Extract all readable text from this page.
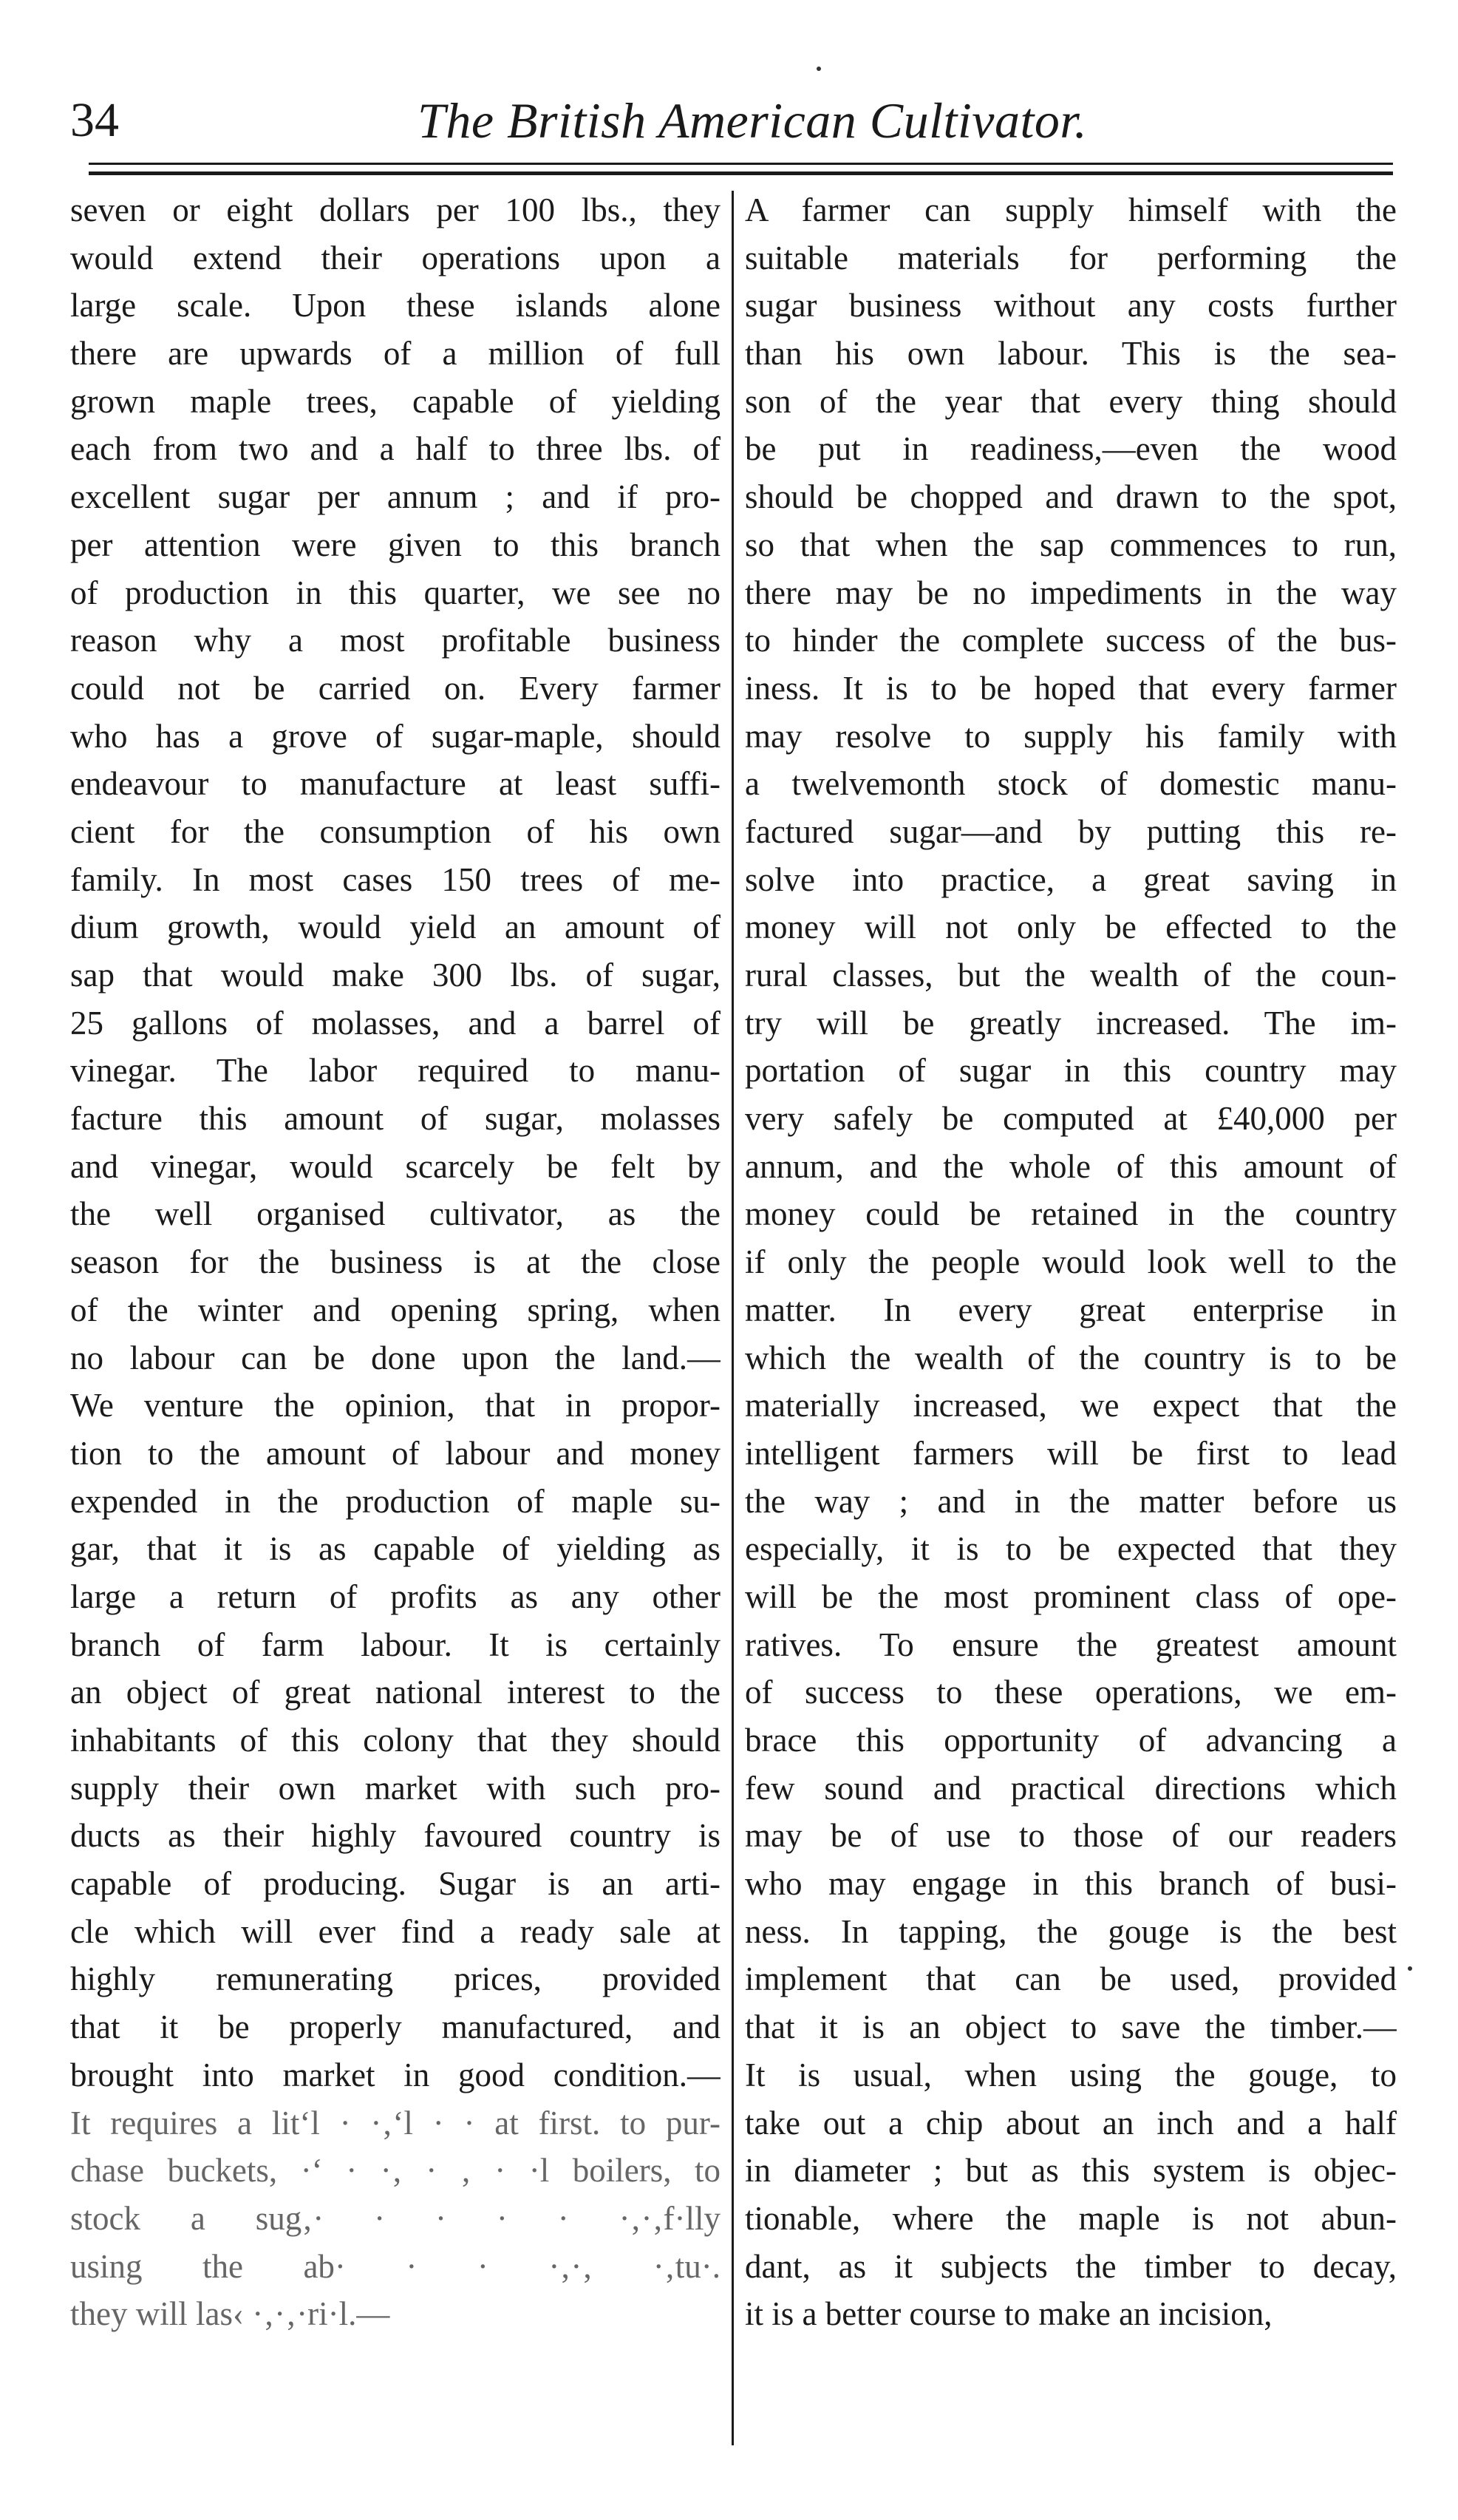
34	The British American Cultivator.
seven or eight dollars per 100 lbs., they
would extend their operations upon a
large scale. Upon these islands alone
there are upwards of a million of full
grown maple trees, capable of yielding
each from two and a half to three lbs. of
excellent sugar per annum ; and if pro-
per attention were given to this branch
of production in this quarter, we see no
reason why a most profitable business
could not be carried on. Every farmer
who has a grove of sugar-maple, should
endeavour to manufacture at least suffi-
cient for the consumption of his own
family. In most cases 150 trees of me-
dium growth, would yield an amount of
sap that would make 300 lbs. of sugar,
25 gallons of molasses, and a barrel of
vinegar. The labor required to manu-
facture this amount of sugar, molasses
and vinegar, would scarcely be felt by
the well organised cultivator, as the
season for the business is at the close
of the winter and opening spring, when
no labour can be done upon the land.—
We venture the opinion, that in propor-
tion to the amount of labour and money
expended in the production of maple su-
gar, that it is as capable of yielding as
large a return of profits as any other
branch of farm labour. It is certainly
an object of great national interest to the
inhabitants of this colony that they should
supply their own market with such pro-
ducts as their highly favoured country is
capable of producing. Sugar is an arti-
cle which will ever find a ready sale at
highly remunerating prices, provided
that it be properly manufactured, and
brought into market in good condition.—
It requires a lit‘l · ·‚‘l · · at first. to pur-
chase buckets, ·‘ · ·‚ · ‚ · ·l boilers, to
stock a sug‚· · · · · ·‚·‚f·lly
using the ab· · · ·‚·‚ ·‚tu·.
they will las‹ ·‚·‚·ri·l.—
A farmer can supply himself with the
suitable materials for performing the
sugar business without any costs further
than his own labour. This is the sea-
son of the year that every thing should
be put in readiness,—even the wood
should be chopped and drawn to the spot,
so that when the sap commences to run,
there may be no impediments in the way
to hinder the complete success of the bus-
iness. It is to be hoped that every farmer
may resolve to supply his family with
a twelvemonth stock of domestic manu-
factured sugar—and by putting this re-
solve into practice, a great saving in
money will not only be effected to the
rural classes, but the wealth of the coun-
try will be greatly increased. The im-
portation of sugar in this country may
very safely be computed at £40,000 per
annum, and the whole of this amount of
money could be retained in the country
if only the people would look well to the
matter. In every great enterprise in
which the wealth of the country is to be
materially increased, we expect that the
intelligent farmers will be first to lead
the way ; and in the matter before us
especially, it is to be expected that they
will be the most prominent class of ope-
ratives. To ensure the greatest amount
of success to these operations, we em-
brace this opportunity of advancing a
few sound and practical directions which
may be of use to those of our readers
who may engage in this branch of busi-
ness. In tapping, the gouge is the best
implement that can be used, provided
that it is an object to save the timber.—
It is usual, when using the gouge, to
take out a chip about an inch and a half
in diameter ; but as this system is objec-
tionable, where the maple is not abun-
dant, as it subjects the timber to decay,
it is a better course to make an incision,
